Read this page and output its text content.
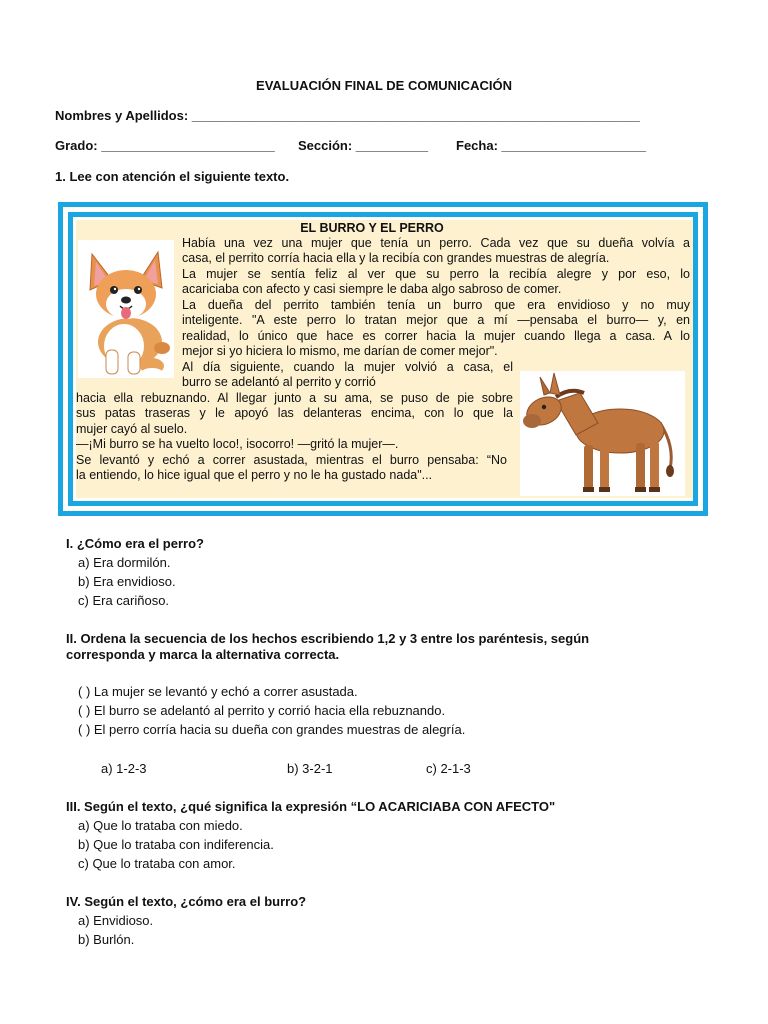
EVALUACIÓN FINAL DE COMUNICACIÓN
Nombres y Apellidos: ______________________________________________________________
Grado: ________________________ Sección: __________ Fecha: ____________________
1. Lee con atención el siguiente texto.
EL BURRO Y EL PERRO
Había una vez una mujer que tenía un perro. Cada vez que su dueña volvía a
casa, el perrito corría hacia ella y la recibía con grandes muestras de alegría.
La mujer se sentía feliz al ver que su perro la recibía alegre y por eso, lo
acariciaba con afecto y casi siempre le daba algo sabroso de comer.
La dueña del perrito también tenía un burro que era envidioso y no muy
inteligente. "A este perro lo tratan mejor que a mí —pensaba el burro— y, en
realidad, lo único que hace es correr hacia la mujer cuando llega a casa. A lo
mejor si yo hiciera lo mismo, me darían de comer mejor".
Al día siguiente, cuando la mujer volvió a casa, el
burro se adelantó al perrito y corrió
hacia ella rebuznando. Al llegar junto a su ama, se puso de pie sobre
sus patas traseras y le apoyó las delanteras encima, con lo que la
mujer cayó al suelo.
—¡Mi burro se ha vuelto loco!, isocorro! —gritó la mujer—.
Se levantó y echó a correr asustada, mientras el burro pensaba: “No
la entiendo, lo hice igual que el perro y no le ha gustado nada"...
I. ¿Cómo era el perro?
a) Era dormilón.
b) Era envidioso.
c) Era cariñoso.
II. Ordena la secuencia de los hechos escribiendo 1,2 y 3 entre los paréntesis, según
corresponda y marca la alternativa correcta.
( ) La mujer se levantó y echó a correr asustada.
( ) El burro se adelantó al perrito y corrió hacia ella rebuznando.
( ) El perro corría hacia su dueña con grandes muestras de alegría.
a) 1-2-3	b) 3-2-1	c) 2-1-3
III. Según el texto, ¿qué significa la expresión “LO ACARICIABA CON AFECTO"
a) Que lo trataba con miedo.
b) Que lo trataba con indiferencia.
c) Que lo trataba con amor.
IV. Según el texto, ¿cómo era el burro?
a) Envidioso.
b) Burlón.
